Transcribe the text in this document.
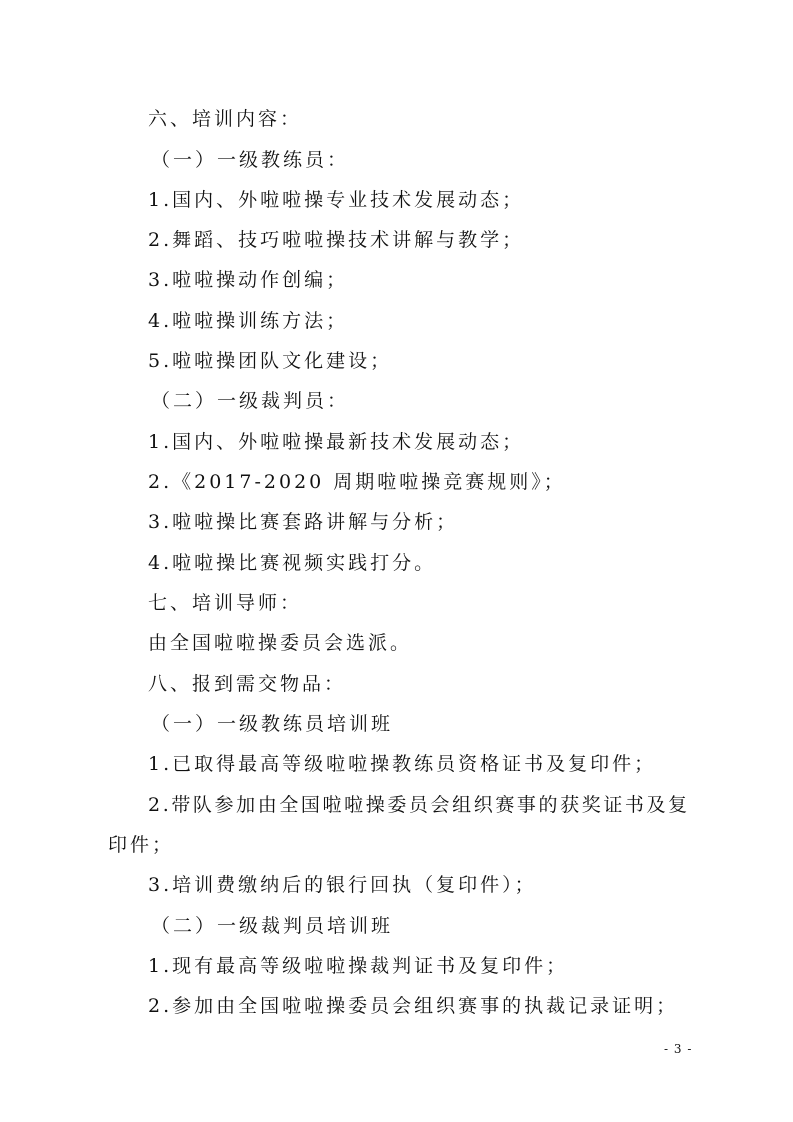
六、培训内容：
（一）一级教练员：
1.国内、外啦啦操专业技术发展动态；
2.舞蹈、技巧啦啦操技术讲解与教学；
3.啦啦操动作创编；
4.啦啦操训练方法；
5.啦啦操团队文化建设；
（二）一级裁判员：
1.国内、外啦啦操最新技术发展动态；
2.《2017-2020 周期啦啦操竞赛规则》；
3.啦啦操比赛套路讲解与分析；
4.啦啦操比赛视频实践打分。
七、培训导师：
由全国啦啦操委员会选派。
八、报到需交物品：
（一）一级教练员培训班
1.已取得最高等级啦啦操教练员资格证书及复印件；
2.带队参加由全国啦啦操委员会组织赛事的获奖证书及复
印件；
3.培训费缴纳后的银行回执（复印件）；
（二）一级裁判员培训班
1.现有最高等级啦啦操裁判证书及复印件；
2.参加由全国啦啦操委员会组织赛事的执裁记录证明；
- 3 -
